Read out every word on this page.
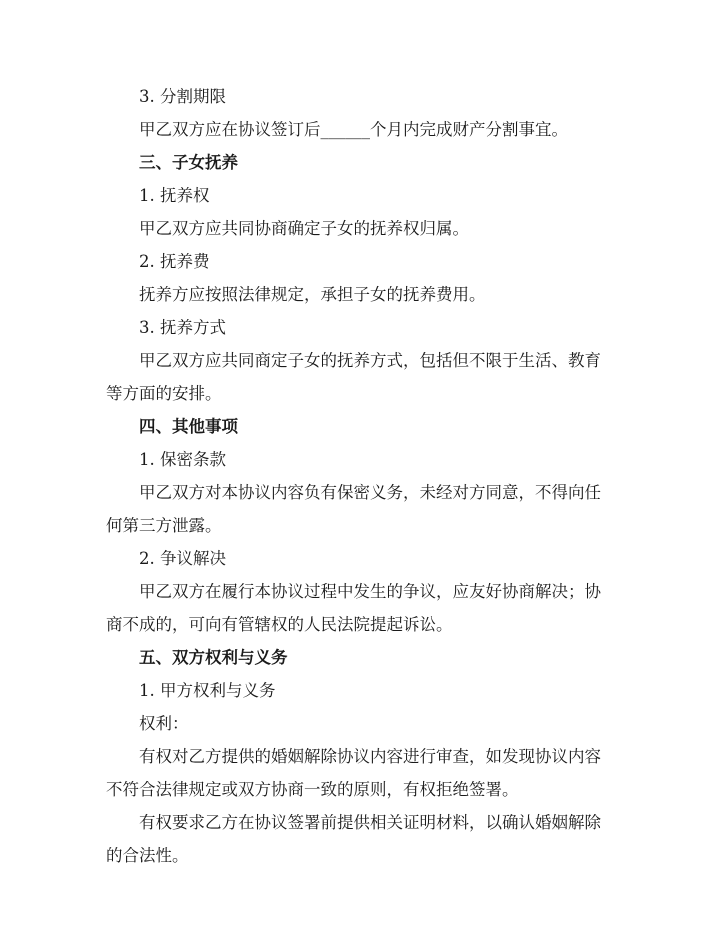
3. 分割期限

甲乙双方应在协议签订后______个月内完成财产分割事宜。

三、子女抚养

1. 抚养权

甲乙双方应共同协商确定子女的抚养权归属。

2. 抚养费

抚养方应按照法律规定，承担子女的抚养费用。

3. 抚养方式

甲乙双方应共同商定子女的抚养方式，包括但不限于生活、教育等方面的安排。

四、其他事项

1. 保密条款

甲乙双方对本协议内容负有保密义务，未经对方同意，不得向任何第三方泄露。

2. 争议解决

甲乙双方在履行本协议过程中发生的争议，应友好协商解决；协商不成的，可向有管辖权的人民法院提起诉讼。

五、双方权利与义务

1. 甲方权利与义务

权利：

有权对乙方提供的婚姻解除协议内容进行审查，如发现协议内容不符合法律规定或双方协商一致的原则，有权拒绝签署。

有权要求乙方在协议签署前提供相关证明材料，以确认婚姻解除的合法性。
